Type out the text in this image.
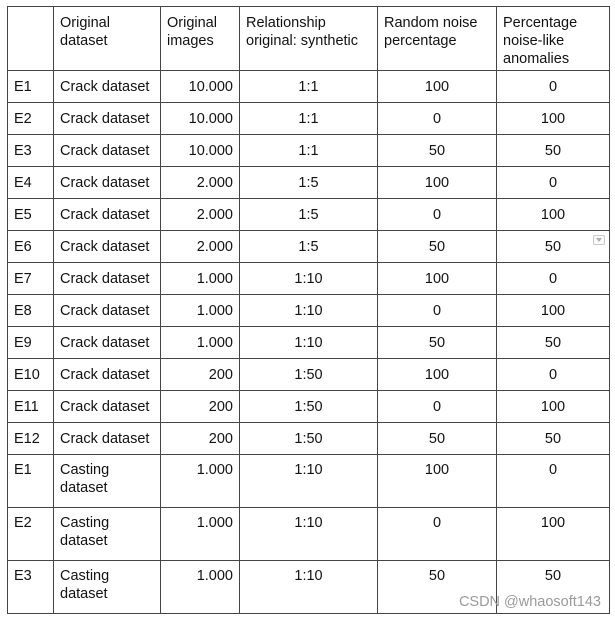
	Original dataset	Original images	Relationship original: synthetic	Random noise percentage	Percentage noise-like anomalies
E1	Crack dataset	10.000	1:1	100	0
E2	Crack dataset	10.000	1:1	0	100
E3	Crack dataset	10.000	1:1	50	50
E4	Crack dataset	2.000	1:5	100	0
E5	Crack dataset	2.000	1:5	0	100
E6	Crack dataset	2.000	1:5	50	50
E7	Crack dataset	1.000	1:10	100	0
E8	Crack dataset	1.000	1:10	0	100
E9	Crack dataset	1.000	1:10	50	50
E10	Crack dataset	200	1:50	100	0
E11	Crack dataset	200	1:50	0	100
E12	Crack dataset	200	1:50	50	50
E1	Casting dataset	1.000	1:10	100	0
E2	Casting dataset	1.000	1:10	0	100
E3	Casting dataset	1.000	1:10	50	50
CSDN @whaosoft143
